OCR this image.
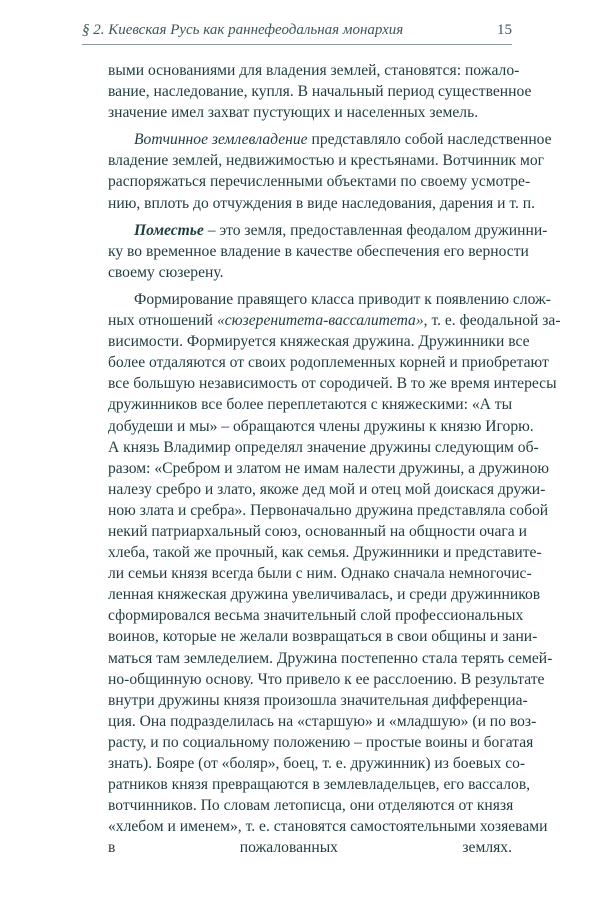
§ 2. Киевская Русь как раннефеодальная монархия	15
выми основаниями для владения землей, становятся: пожало-
вание, наследование, купля. В начальный период существенное
значение имел захват пустующих и населенных земель.
Вотчинное землевладение представляло собой наследственное
владение землей, недвижимостью и крестьянами. Вотчинник мог
распоряжаться перечисленными объектами по своему усмотре-
нию, вплоть до отчуждения в виде наследования, дарения и т. п.
Поместье – это земля, предоставленная феодалом дружинни-
ку во временное владение в качестве обеспечения его верности
своему сюзерену.
Формирование правящего класса приводит к появлению слож-
ных отношений «сюзеренитета-вассалитета», т. е. феодальной за-
висимости. Формируется княжеская дружина. Дружинники все
более отдаляются от своих родоплеменных корней и приобретают
все большую независимость от сородичей. В то же время интересы
дружинников все более переплетаются с княжескими: «А ты
добудеши и мы» – обращаются члены дружины к князю Игорю.
А князь Владимир определял значение дружины следующим об-
разом: «Сребром и златом не имам налести дружины, а дружиною
налезу сребро и злато, якоже дед мой и отец мой доискася дружи-
ною злата и сребра». Первоначально дружина представляла собой
некий патриархальный союз, основанный на общности очага и
хлеба, такой же прочный, как семья. Дружинники и представите-
ли семьи князя всегда были с ним. Однако сначала немногочис-
ленная княжеская дружина увеличивалась, и среди дружинников
сформировался весьма значительный слой профессиональных
воинов, которые не желали возвращаться в свои общины и зани-
маться там земледелием. Дружина постепенно стала терять семей-
но-общинную основу. Что привело к ее расслоению. В результате
внутри дружины князя произошла значительная дифференциа-
ция. Она подразделилась на «старшую» и «младшую» (и по воз-
расту, и по социальному положению – простые воины и богатая
знать). Бояре (от «боляр», боец, т. е. дружинник) из боевых со-
ратников князя превращаются в землевладельцев, его вассалов,
вотчинников. По словам летописца, они отделяются от князя
«хлебом и именем», т. е. становятся самостоятельными хозяевами
в пожалованных землях.
